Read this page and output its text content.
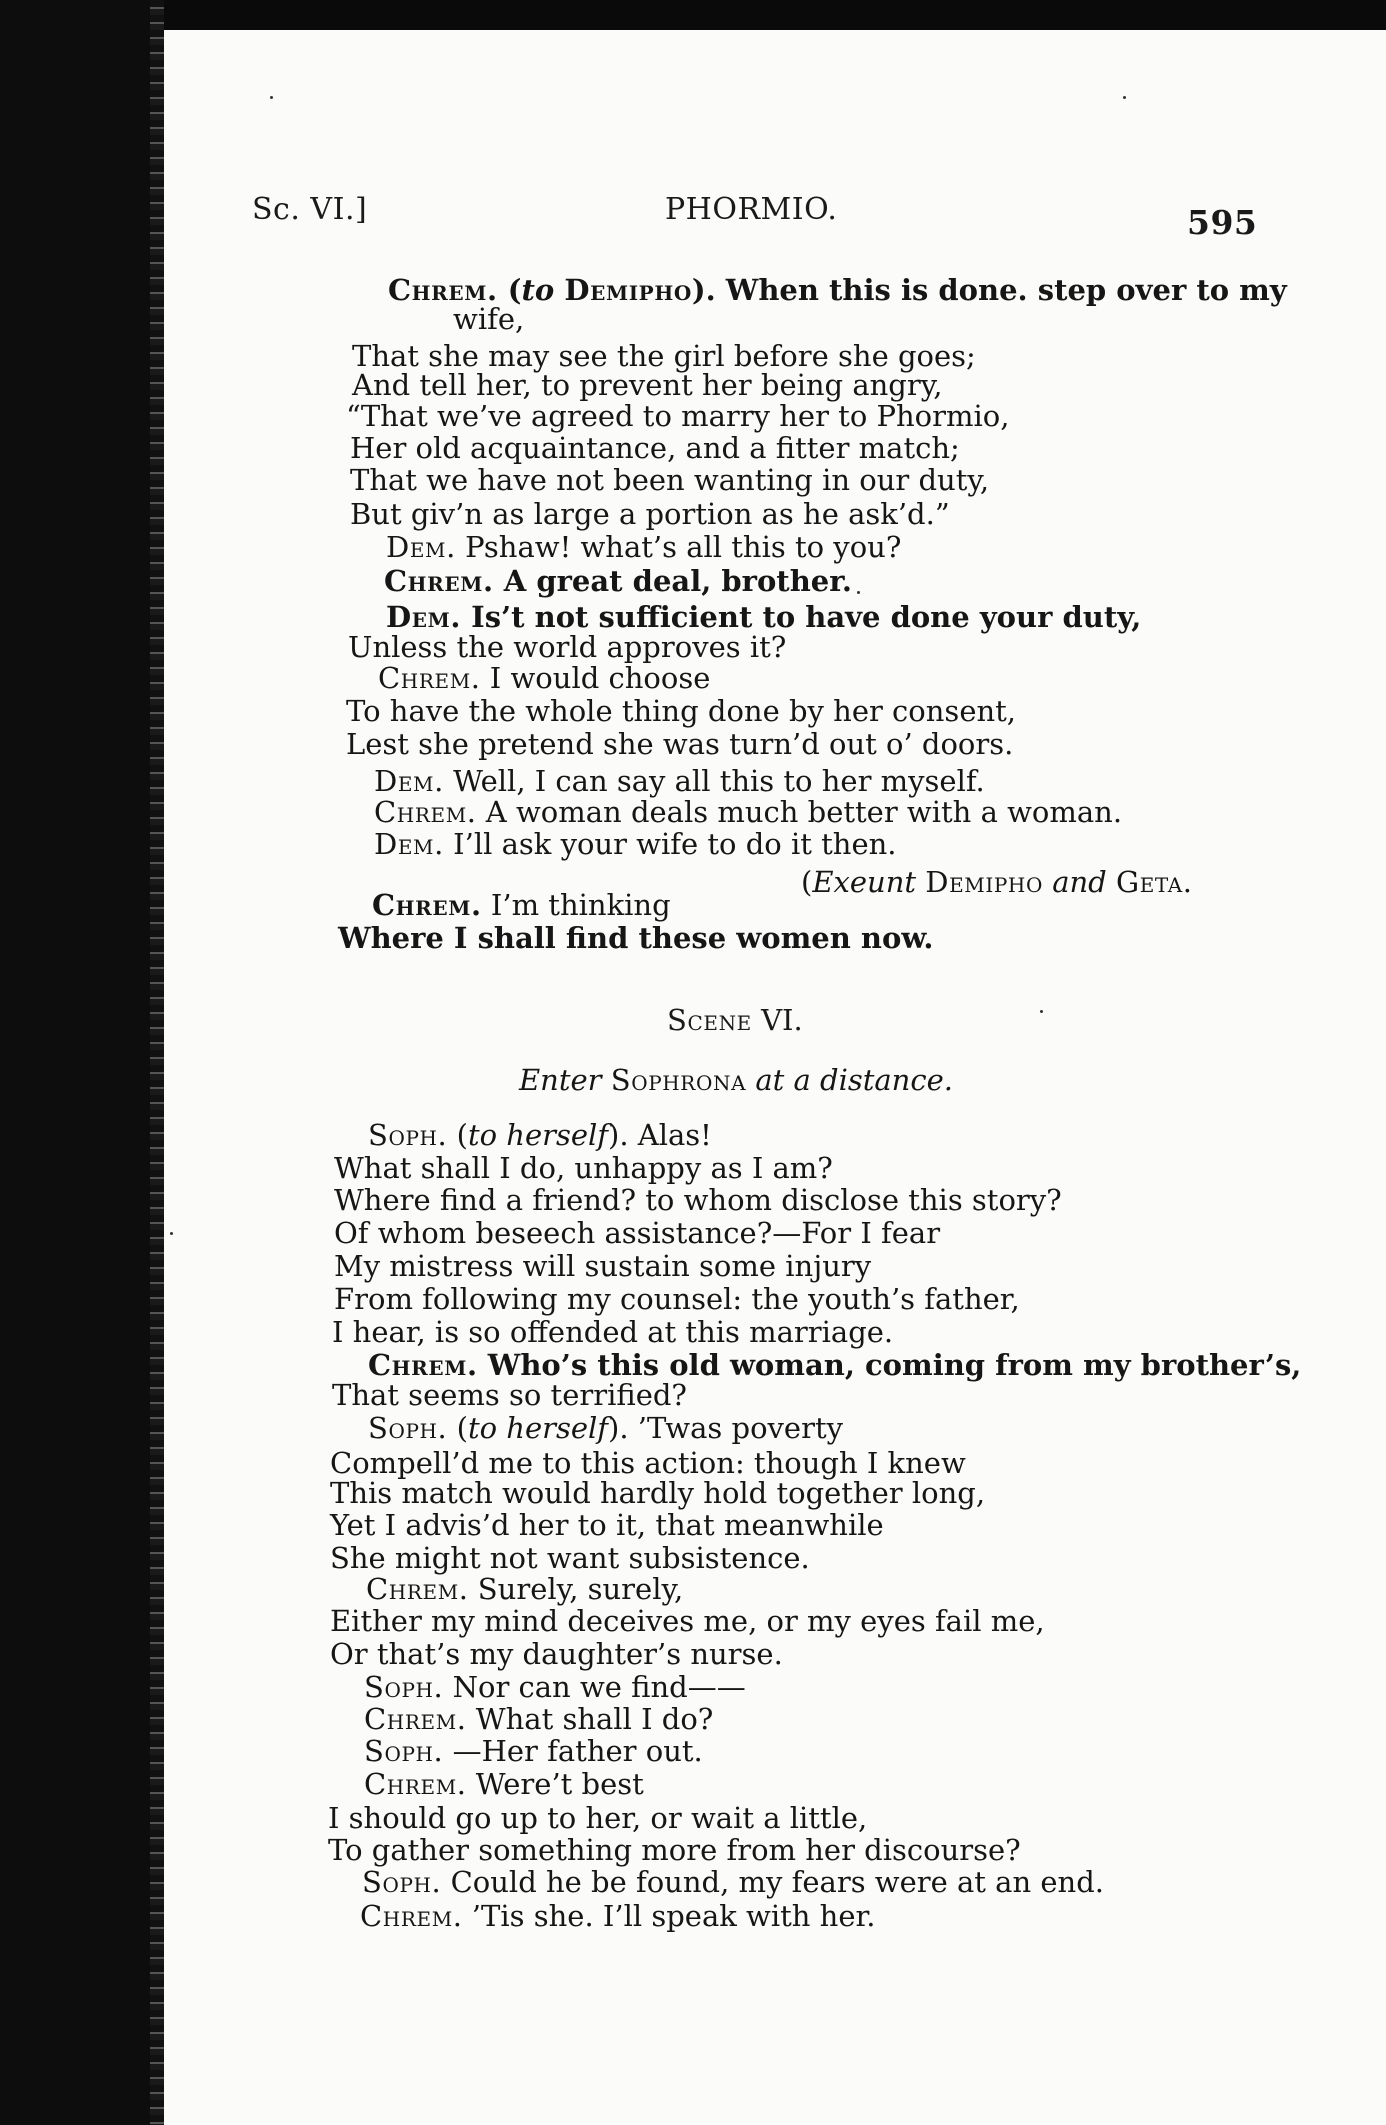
Sc. VI.]	PHORMIO.	595
Chrem. (to Demipho). When this is done. step over to my
wife,
That she may see the girl before she goes;
And tell her, to prevent her being angry,
“That we’ve agreed to marry her to Phormio,
Her old acquaintance, and a fitter match;
That we have not been wanting in our duty,
But giv’n as large a portion as he ask’d.”
Dem. Pshaw! what’s all this to you?
Chrem. A great deal, brother.
Dem. Is’t not sufficient to have done your duty,
Unless the world approves it?
Chrem. I would choose
To have the whole thing done by her consent,
Lest she pretend she was turn’d out o’ doors.
Dem. Well, I can say all this to her myself.
Chrem. A woman deals much better with a woman.
Dem. I’ll ask your wife to do it then.
(Exeunt Demipho and Geta.
Chrem. I’m thinking
Where I shall find these women now.
Scene VI.
Enter Sophrona at a distance.
Soph. (to herself). Alas!
What shall I do, unhappy as I am?
Where find a friend? to whom disclose this story?
Of whom beseech assistance?—For I fear
My mistress will sustain some injury
From following my counsel: the youth’s father,
I hear, is so offended at this marriage.
Chrem. Who’s this old woman, coming from my brother’s,
That seems so terrified?
Soph. (to herself). ’Twas poverty
Compell’d me to this action: though I knew
This match would hardly hold together long,
Yet I advis’d her to it, that meanwhile
She might not want subsistence.
Chrem. Surely, surely,
Either my mind deceives me, or my eyes fail me,
Or that’s my daughter’s nurse.
Soph. Nor can we find——
Chrem. What shall I do?
Soph. —Her father out.
Chrem. Were’t best
I should go up to her, or wait a little,
To gather something more from her discourse?
Soph. Could he be found, my fears were at an end.
Chrem. ’Tis she. I’ll speak with her.
